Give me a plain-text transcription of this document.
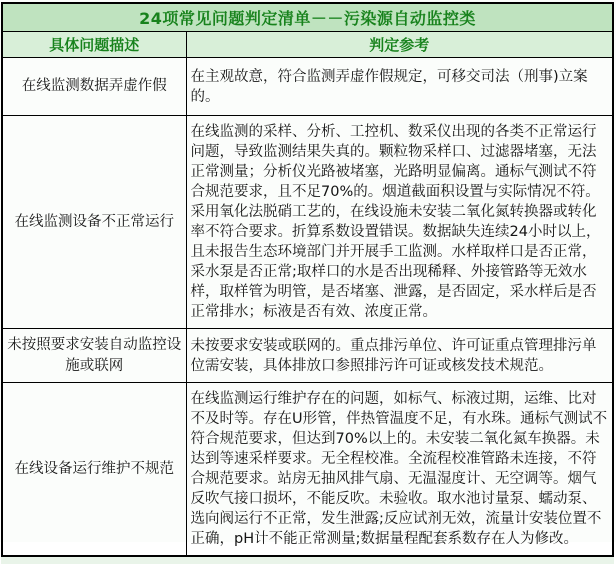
24项常见问题判定清单－－污染源自动监控类	
具体问题描述	判定参考
在线监测数据弄虚作假	在主观故意，符合监测弄虚作假规定，可移交司法（刑事)立案的。
在线监测设备不正常运行	在线监测的采样、分析、工控机、数采仪出现的各类不正常运行问题，导致监测结果失真的。颗粒物采样口、过滤器堵塞，无法正常测量；分析仪光路被堵塞，光路明显偏离。通标气测试不符合规范要求，且不足70%的。烟道截面积设置与实际情况不符。采用氧化法脱硝工艺的，在线设施未安装二氧化氮转换器或转化率不符合要求。折算系数设置错误。数据缺失连续24小时以上，且未报告生态环境部门并开展手工监测。水样取样口是否正常，采水泵是否正常;取样口的水是否出现稀释、外接管路等无效水样，取样管为明管，是否堵塞、泄露，是否固定，采水样后是否正常排水；标液是否有效、浓度正常。
未按照要求安装自动监控设施或联网	未按要求安装或联网的。重点排污单位、许可证重点管理排污单位需安装，具体排放口参照排污许可证或核发技术规范。
在线设备运行维护不规范	在线监测运行维护存在的问题，如标气、标液过期，运维、比对不及时等。存在U形管，伴热管温度不足，有水珠。通标气测试不符合规范要求，但达到70%以上的。未安装二氧化氮车换器。未达到等速采样要求。无全程校准。全流程校准管路未连接，不符合规范要求。站房无抽风排气扇、无温湿度计、无空调等。烟气反吹气接口损坏，不能反吹。未验收。取水池讨量泵、蠕动泵、选向阀运行不正常，发生泄露;反应试剂无效，流量计安装位置不正确，pH计不能正常测量;数据量程配套系数存在人为修改。
